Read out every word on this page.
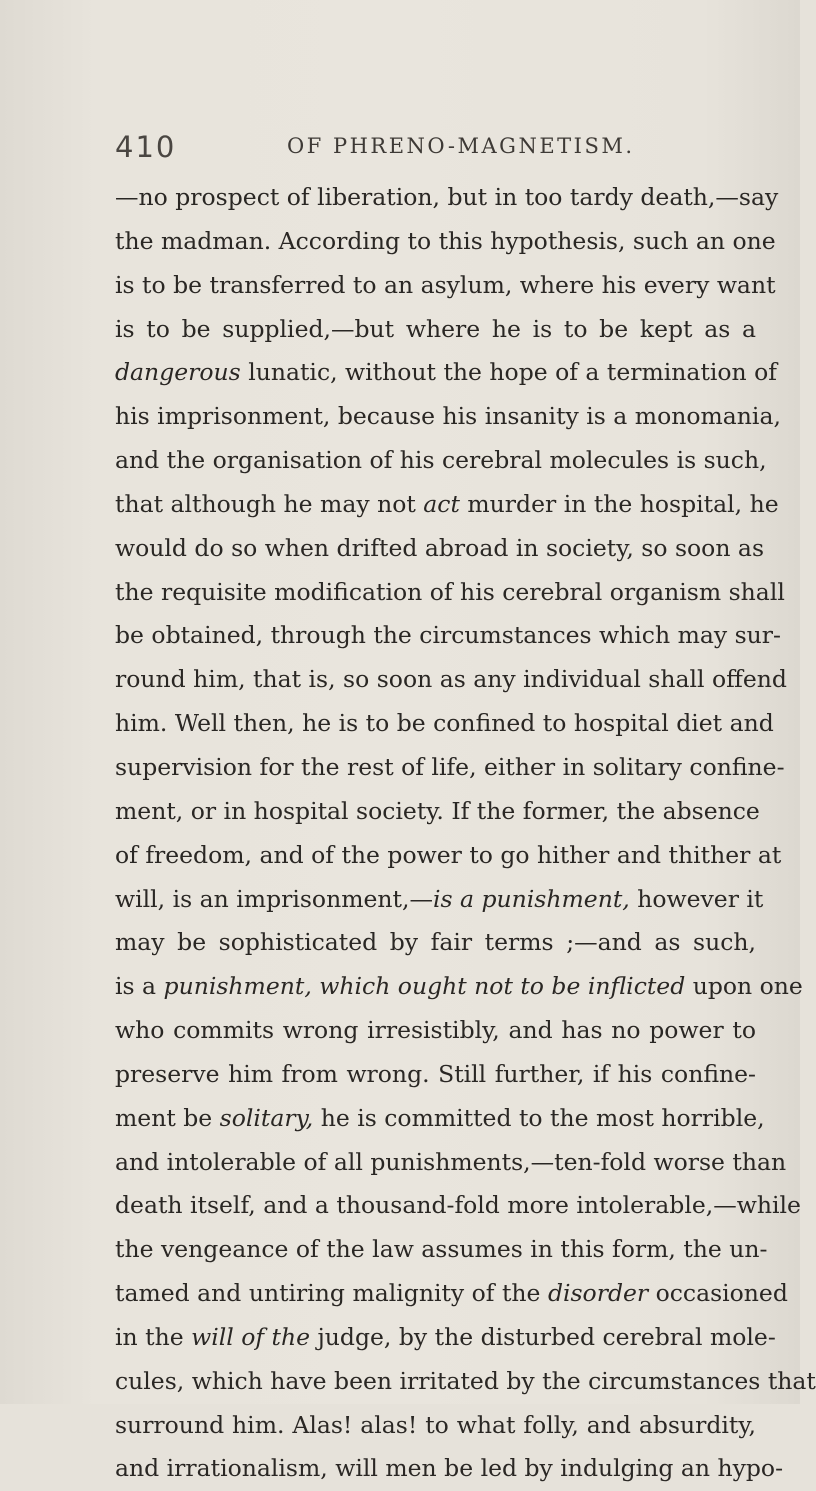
410	OF PHRENO-MAGNETISM.
—no prospect of liberation, but in too tardy death,—say
the madman. According to this hypothesis, such an one
is to be transferred to an asylum, where his every want
is to be supplied,—but where he is to be kept as a
dangerous lunatic, without the hope of a termination of
his imprisonment, because his insanity is a monomania,
and the organisation of his cerebral molecules is such,
that although he may not act murder in the hospital, he
would do so when drifted abroad in society, so soon as
the requisite modification of his cerebral organism shall
be obtained, through the circumstances which may sur-
round him, that is, so soon as any individual shall offend
him. Well then, he is to be confined to hospital diet and
supervision for the rest of life, either in solitary confine-
ment, or in hospital society. If the former, the absence
of freedom, and of the power to go hither and thither at
will, is an imprisonment,—is a punishment, however it
may be sophisticated by fair terms ;—and as such,
is a punishment, which ought not to be inflicted upon one
who commits wrong irresistibly, and has no power to
preserve him from wrong. Still further, if his confine-
ment be solitary, he is committed to the most horrible,
and intolerable of all punishments,—ten-fold worse than
death itself, and a thousand-fold more intolerable,—while
the vengeance of the law assumes in this form, the un-
tamed and untiring malignity of the disorder occasioned
in the will of the judge, by the disturbed cerebral mole-
cules, which have been irritated by the circumstances that
surround him. Alas! alas! to what folly, and absurdity,
and irrationalism, will men be led by indulging an hypo-
